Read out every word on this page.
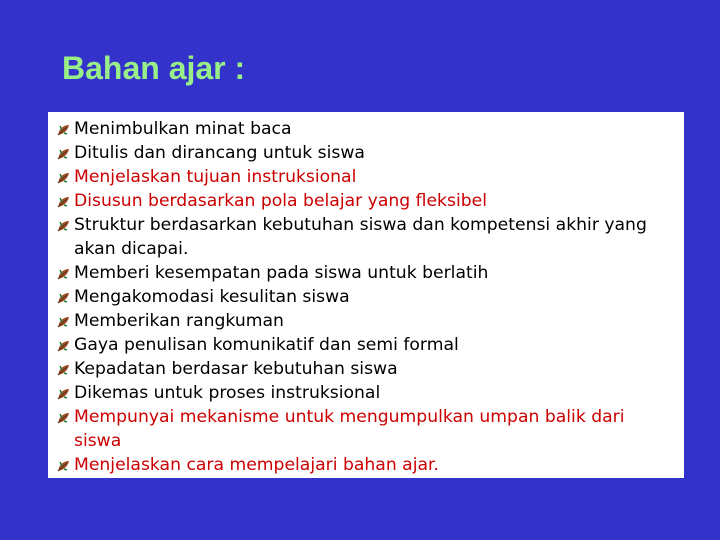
Bahan ajar :
Menimbulkan minat baca
Ditulis dan dirancang untuk siswa
Menjelaskan tujuan instruksional
Disusun berdasarkan pola belajar yang fleksibel
Struktur berdasarkan kebutuhan siswa dan kompetensi akhir yang akan dicapai.
Memberi kesempatan pada siswa untuk berlatih
Mengakomodasi kesulitan siswa
Memberikan rangkuman
Gaya penulisan komunikatif dan semi formal
Kepadatan berdasar kebutuhan siswa
Dikemas untuk proses instruksional
Mempunyai mekanisme untuk mengumpulkan umpan balik dari siswa
Menjelaskan cara mempelajari bahan ajar.
